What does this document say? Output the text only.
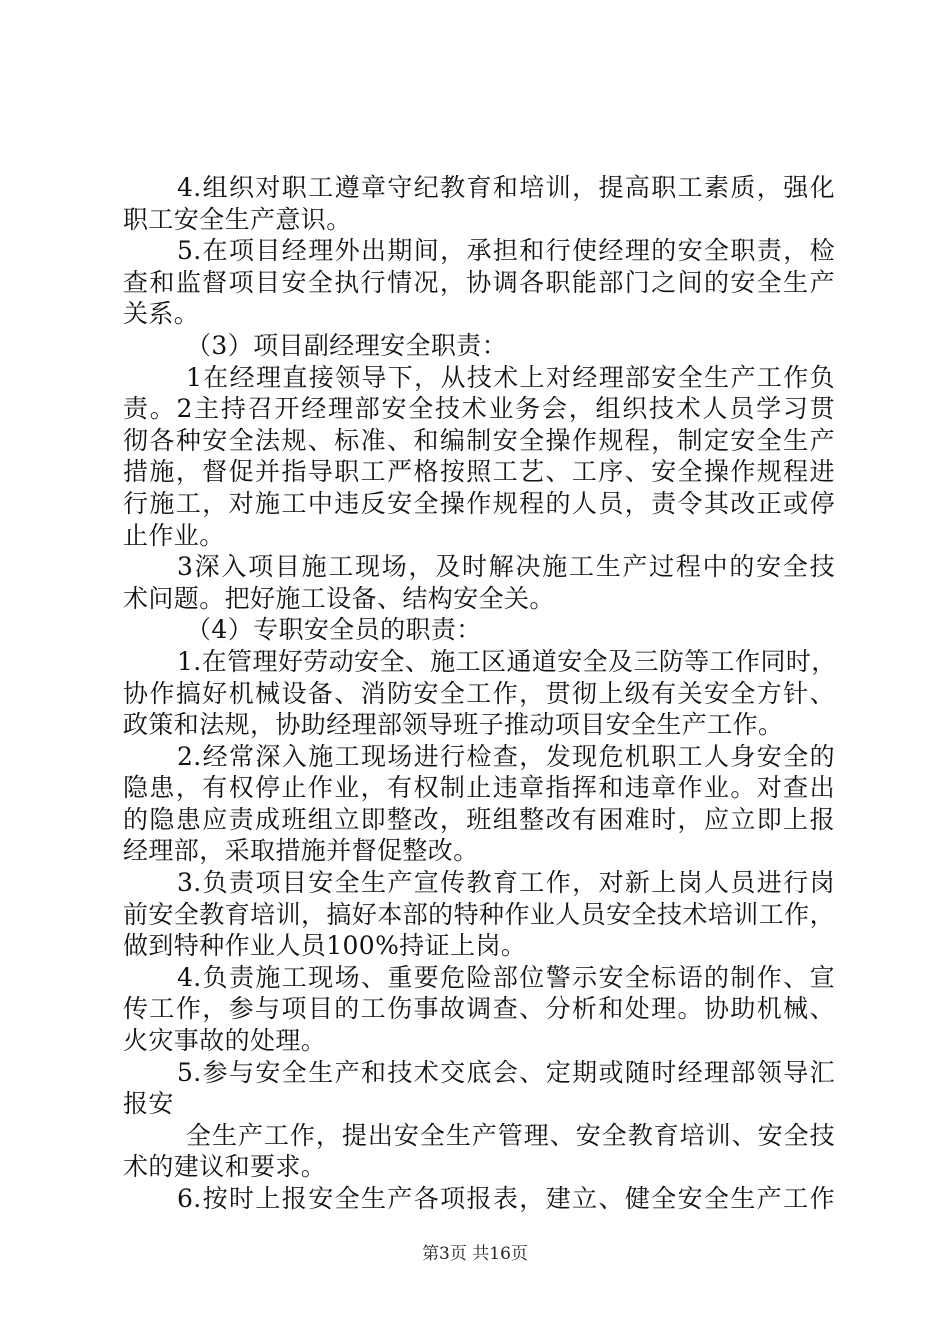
4.组织对职工遵章守纪教育和培训，提高职工素质，强化
职工安全生产意识。
5.在项目经理外出期间，承担和行使经理的安全职责，检
查和监督项目安全执行情况，协调各职能部门之间的安全生产
关系。
（3）项目副经理安全职责：
1在经理直接领导下，从技术上对经理部安全生产工作负
责。2主持召开经理部安全技术业务会，组织技术人员学习贯
彻各种安全法规、标准、和编制安全操作规程，制定安全生产
措施，督促并指导职工严格按照工艺、工序、安全操作规程进
行施工，对施工中违反安全操作规程的人员，责令其改正或停
止作业。
3深入项目施工现场，及时解决施工生产过程中的安全技
术问题。把好施工设备、结构安全关。
（4）专职安全员的职责：
1.在管理好劳动安全、施工区通道安全及三防等工作同时，
协作搞好机械设备、消防安全工作，贯彻上级有关安全方针、
政策和法规，协助经理部领导班子推动项目安全生产工作。
2.经常深入施工现场进行检查，发现危机职工人身安全的
隐患，有权停止作业，有权制止违章指挥和违章作业。对查出
的隐患应责成班组立即整改，班组整改有困难时，应立即上报
经理部，采取措施并督促整改。
3.负责项目安全生产宣传教育工作，对新上岗人员进行岗
前安全教育培训，搞好本部的特种作业人员安全技术培训工作，
做到特种作业人员100%持证上岗。
4.负责施工现场、重要危险部位警示安全标语的制作、宣
传工作，参与项目的工伤事故调查、分析和处理。协助机械、
火灾事故的处理。
5.参与安全生产和技术交底会、定期或随时经理部领导汇
报安
全生产工作，提出安全生产管理、安全教育培训、安全技
术的建议和要求。
6.按时上报安全生产各项报表，建立、健全安全生产工作
第3页 共16页
